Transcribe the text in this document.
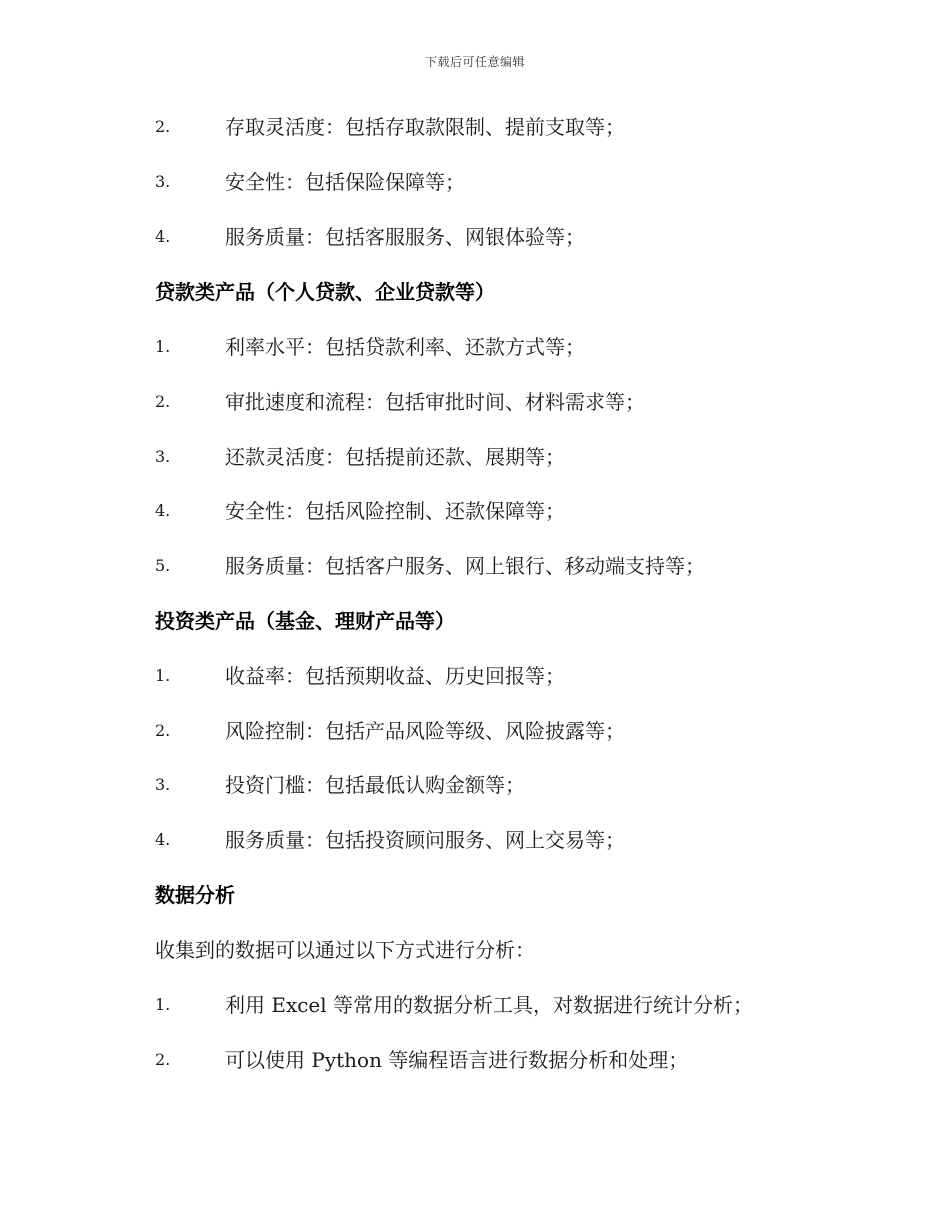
下载后可任意编辑
2.	存取灵活度：包括存取款限制、提前支取等；
3.	安全性：包括保险保障等；
4.	服务质量：包括客服服务、网银体验等；
贷款类产品（个人贷款、企业贷款等）
1.	利率水平：包括贷款利率、还款方式等；
2.	审批速度和流程：包括审批时间、材料需求等；
3.	还款灵活度：包括提前还款、展期等；
4.	安全性：包括风险控制、还款保障等；
5.	服务质量：包括客户服务、网上银行、移动端支持等；
投资类产品（基金、理财产品等）
1.	收益率：包括预期收益、历史回报等；
2.	风险控制：包括产品风险等级、风险披露等；
3.	投资门槛：包括最低认购金额等；
4.	服务质量：包括投资顾问服务、网上交易等；
数据分析
收集到的数据可以通过以下方式进行分析：
1.	利用 Excel 等常用的数据分析工具，对数据进行统计分析；
2.	可以使用 Python 等编程语言进行数据分析和处理；
